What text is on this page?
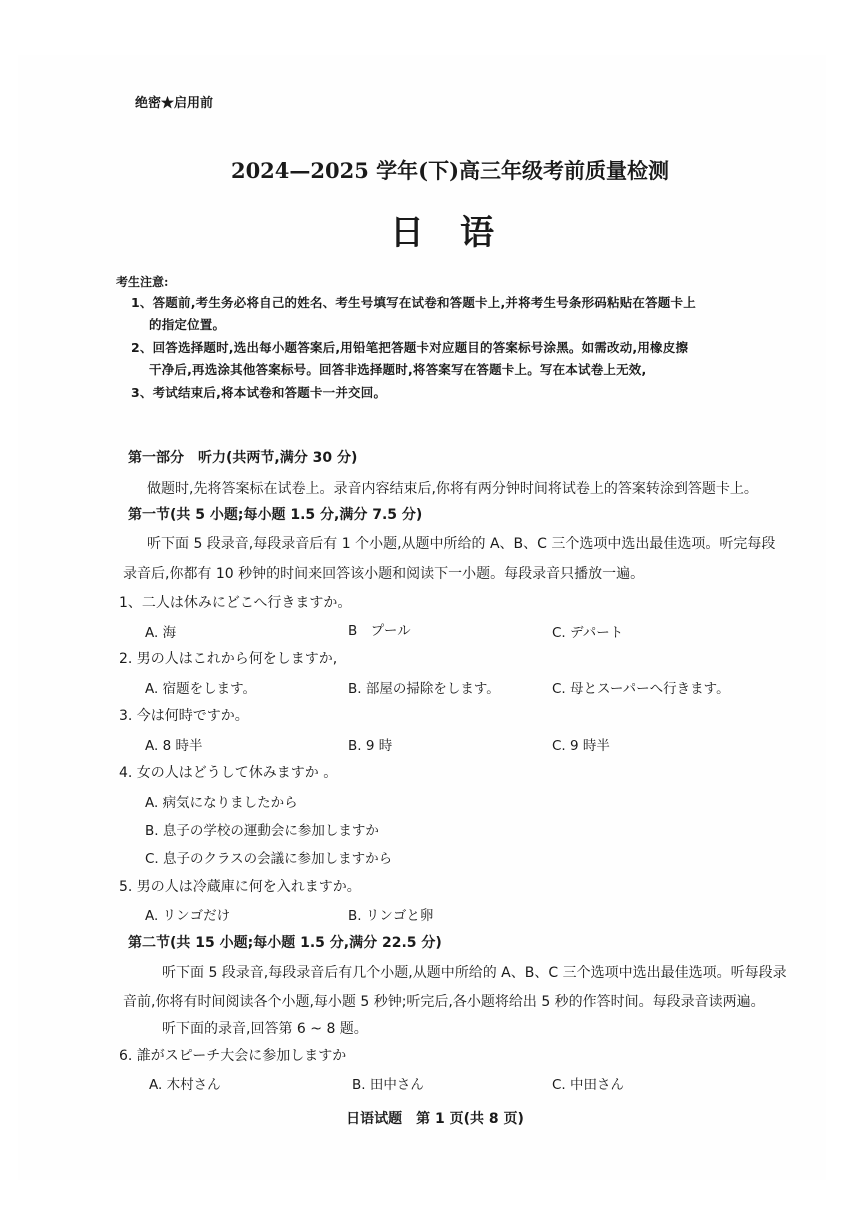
绝密★启用前
2024—2025 学年(下)高三年级考前质量检测
日语
考生注意:
1、答题前,考生务必将自己的姓名、考生号填写在试卷和答题卡上,并将考生号条形码粘贴在答题卡上
的指定位置。
2、回答选择题时,选出每小题答案后,用铅笔把答题卡对应题目的答案标号涂黑。如需改动,用橡皮擦
干净后,再选涂其他答案标号。回答非选择题时,将答案写在答题卡上。写在本试卷上无效,
3、考试结束后,将本试卷和答题卡一并交回。
第一部分　听力(共两节,满分 30 分)
做题时,先将答案标在试卷上。录音内容结束后,你将有两分钟时间将试卷上的答案转涂到答题卡上。
第一节(共 5 小题;每小题 1.5 分,满分 7.5 分)
听下面 5 段录音,每段录音后有 1 个小题,从题中所给的 A、B、C 三个选项中选出最佳选项。听完每段
录音后,你都有 10 秒钟的时间来回答该小题和阅读下一小题。每段录音只播放一遍。
1、二人は休みにどこへ行きますか。
A. 海	B　プール	C. デパート
2. 男の人はこれから何をしますか,
A. 宿题をします。	B. 部屋の掃除をします。	C. 母とスーパーへ行きます。
3. 今は何時ですか。
A. 8 時半	B. 9 時	C. 9 時半
4. 女の人はどうして休みますか 。
A. 病気になりましたから
B. 息子の学校の運動会に参加しますか
C. 息子のクラスの会議に参加しますから
5. 男の人は冷蔵庫に何を入れますか。
A. リンゴだけ	B. リンゴと卵
第二节(共 15 小题;每小题 1.5 分,满分 22.5 分)
听下面 5 段录音,每段录音后有几个小题,从题中所给的 A、B、C 三个选项中选出最佳选项。听每段录
音前,你将有时间阅读各个小题,每小题 5 秒钟;听完后,各小题将给出 5 秒的作答时间。每段录音读两遍。
听下面的录音,回答第 6 ~ 8 题。
6. 誰がスピーチ大会に参加しますか
A. 木村さん	B. 田中さん	C. 中田さん
日语试题　第 1 页(共 8 页)
